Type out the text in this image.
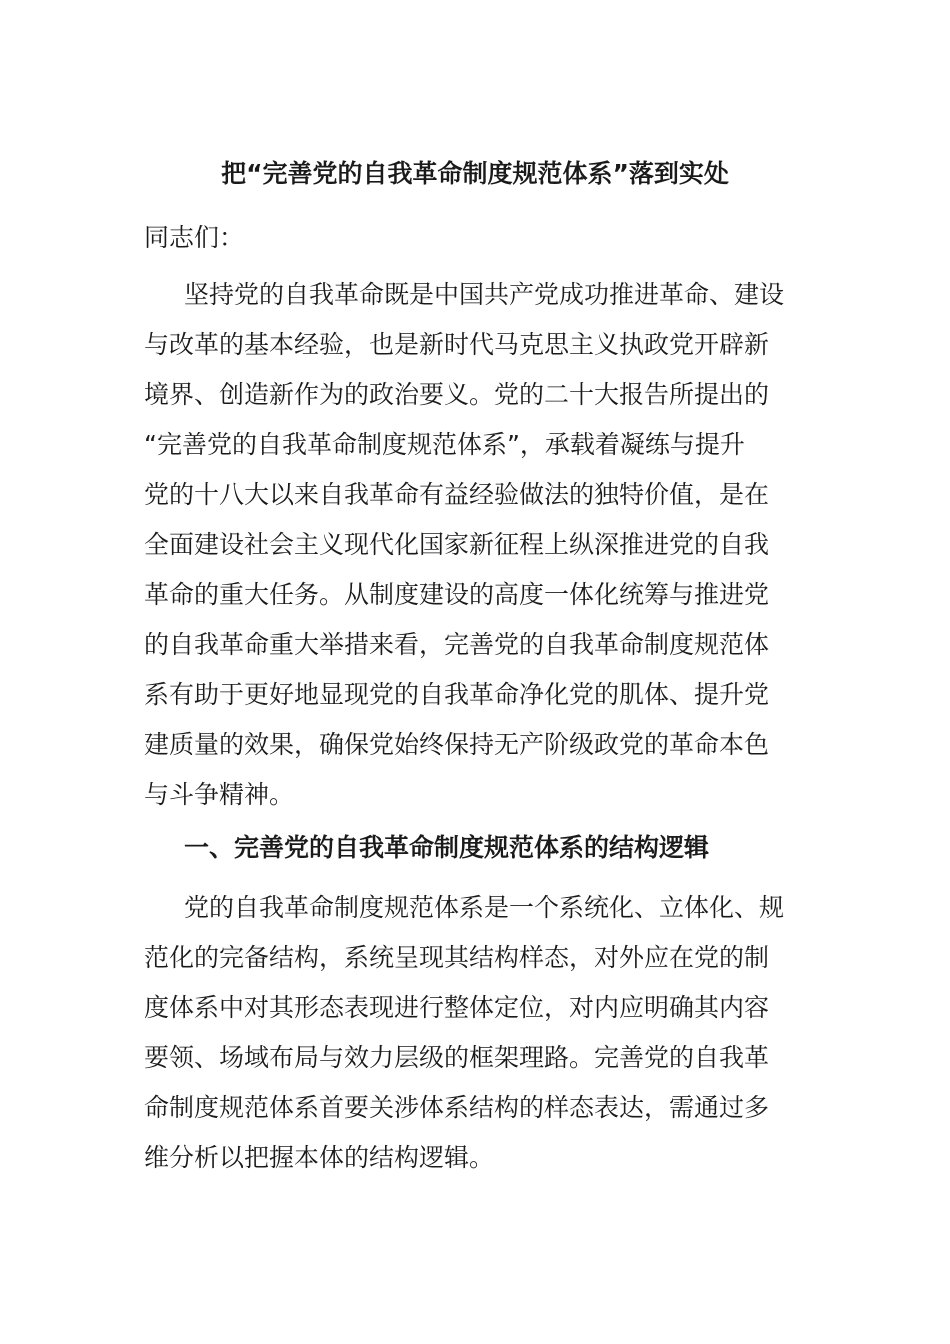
把“完善党的自我革命制度规范体系”落到实处
同志们：
坚持党的自我革命既是中国共产党成功推进革命、建设
与改革的基本经验，也是新时代马克思主义执政党开辟新
境界、创造新作为的政治要义。党的二十大报告所提出的
“完善党的自我革命制度规范体系”，承载着凝练与提升
党的十八大以来自我革命有益经验做法的独特价值，是在
全面建设社会主义现代化国家新征程上纵深推进党的自我
革命的重大任务。从制度建设的高度一体化统筹与推进党
的自我革命重大举措来看，完善党的自我革命制度规范体
系有助于更好地显现党的自我革命净化党的肌体、提升党
建质量的效果，确保党始终保持无产阶级政党的革命本色
与斗争精神。
一、完善党的自我革命制度规范体系的结构逻辑
党的自我革命制度规范体系是一个系统化、立体化、规
范化的完备结构，系统呈现其结构样态，对外应在党的制
度体系中对其形态表现进行整体定位，对内应明确其内容
要领、场域布局与效力层级的框架理路。完善党的自我革
命制度规范体系首要关涉体系结构的样态表达，需通过多
维分析以把握本体的结构逻辑。
